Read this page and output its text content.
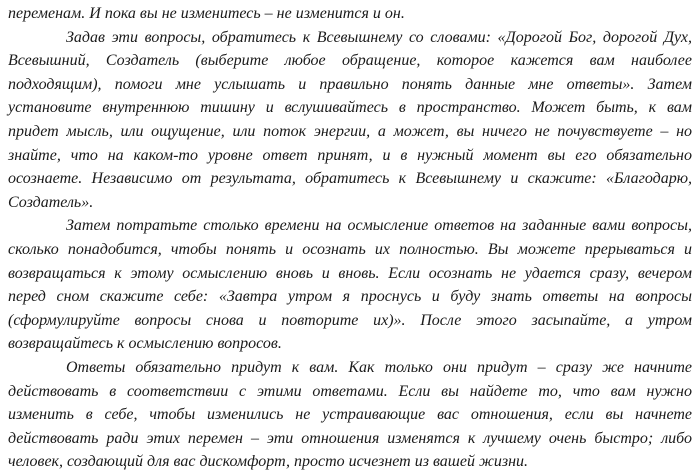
переменам. И пока вы не изменитесь – не изменится и он.
Задав эти вопросы, обратитесь к Всевышнему со словами: «Дорогой Бог, дорогой Дух,
Всевышний, Создатель (выберите любое обращение, которое кажется вам наиболее
подходящим), помоги мне услышать и правильно понять данные мне ответы». Затем
установите внутреннюю тишину и вслушивайтесь в пространство. Может быть, к вам
придет мысль, или ощущение, или поток энергии, а может, вы ничего не почувствуете – но
знайте, что на каком-то уровне ответ принят, и в нужный момент вы его обязательно
осознаете. Независимо от результата, обратитесь к Всевышнему и скажите: «Благодарю,
Создатель».
Затем потратьте столько времени на осмысление ответов на заданные вами вопросы,
сколько понадобится, чтобы понять и осознать их полностью. Вы можете прерываться и
возвращаться к этому осмыслению вновь и вновь. Если осознать не удается сразу, вечером
перед сном скажите себе: «Завтра утром я проснусь и буду знать ответы на вопросы
(сформулируйте вопросы снова и повторите их)». После этого засыпайте, а утром
возвращайтесь к осмыслению вопросов.
Ответы обязательно придут к вам. Как только они придут – сразу же начните
действовать в соответствии с этими ответами. Если вы найдете то, что вам нужно
изменить в себе, чтобы изменились не устраивающие вас отношения, если вы начнете
действовать ради этих перемен – эти отношения изменятся к лучшему очень быстро; либо
человек, создающий для вас дискомфорт, просто исчезнет из вашей жизни.
